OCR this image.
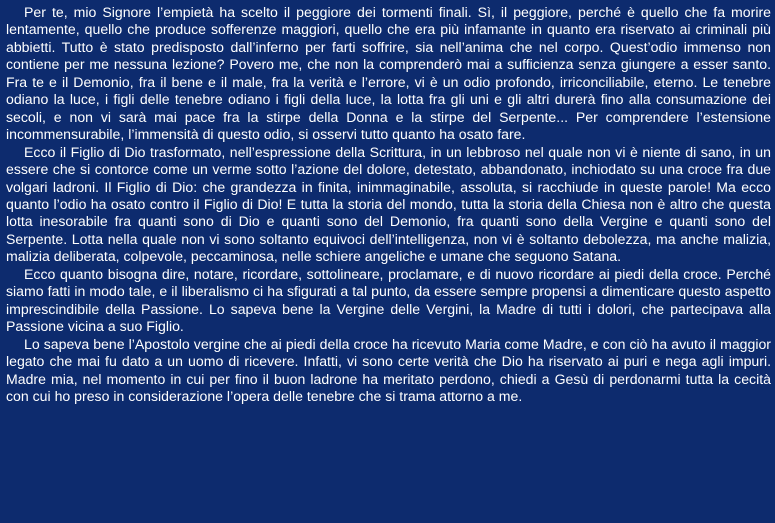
Per te, mio Signore l’empietà ha scelto il peggiore dei tormenti finali. Sì, il peggiore, perché è quello che fa morire lentamente, quello che produce sofferenze maggiori, quello che era più infamante in quanto era riservato ai criminali più abbietti. Tutto è stato predisposto dall’inferno per farti soffrire, sia nell’anima che nel corpo. Quest’odio immenso non contiene per me nessuna lezione? Povero me, che non la comprenderò mai a sufficienza senza giungere a esser santo. Fra te e il Demonio, fra il bene e il male, fra la verità e l’errore, vi è un odio profondo, irriconciliabile, eterno. Le tenebre odiano la luce, i figli delle tenebre odiano i figli della luce, la lotta fra gli uni e gli altri durerà fino alla consumazione dei secoli, e non vi sarà mai pace fra la stirpe della Donna e la stirpe del Serpente... Per comprendere l’estensione incommensurabile, l’immensità di questo odio, si osservi tutto quanto ha osato fare.

Ecco il Figlio di Dio trasformato, nell’espressione della Scrittura, in un lebbroso nel quale non vi è niente di sano, in un essere che si contorce come un verme sotto l’azione del dolore, detestato, abbandonato, inchiodato su una croce fra due volgari ladroni. Il Figlio di Dio: che grandezza in finita, inimmaginabile, assoluta, si racchiude in queste parole! Ma ecco quanto l’odio ha osato contro il Figlio di Dio! E tutta la storia del mondo, tutta la storia della Chiesa non è altro che questa lotta inesorabile fra quanti sono di Dio e quanti sono del Demonio, fra quanti sono della Vergine e quanti sono del Serpente. Lotta nella quale non vi sono soltanto equivoci dell’intelligenza, non vi è soltanto debolezza, ma anche malizia, malizia deliberata, colpevole, peccaminosa, nelle schiere angeliche e umane che seguono Satana.

Ecco quanto bisogna dire, notare, ricordare, sottolineare, proclamare, e di nuovo ricordare ai piedi della croce. Perché siamo fatti in modo tale, e il liberalismo ci ha sfigurati a tal punto, da essere sempre propensi a dimenticare questo aspetto imprescindibile della Passione. Lo sapeva bene la Vergine delle Vergini, la Madre di tutti i dolori, che partecipava alla Passione vicina a suo Figlio.

Lo sapeva bene l’Apostolo vergine che ai piedi della croce ha ricevuto Maria come Madre, e con ciò ha avuto il maggior legato che mai fu dato a un uomo di ricevere. Infatti, vi sono certe verità che Dio ha riservato ai puri e nega agli impuri. Madre mia, nel momento in cui per fino il buon ladrone ha meritato perdono, chiedi a Gesù di perdonarmi tutta la cecità con cui ho preso in considerazione l’opera delle tenebre che si trama attorno a me.
